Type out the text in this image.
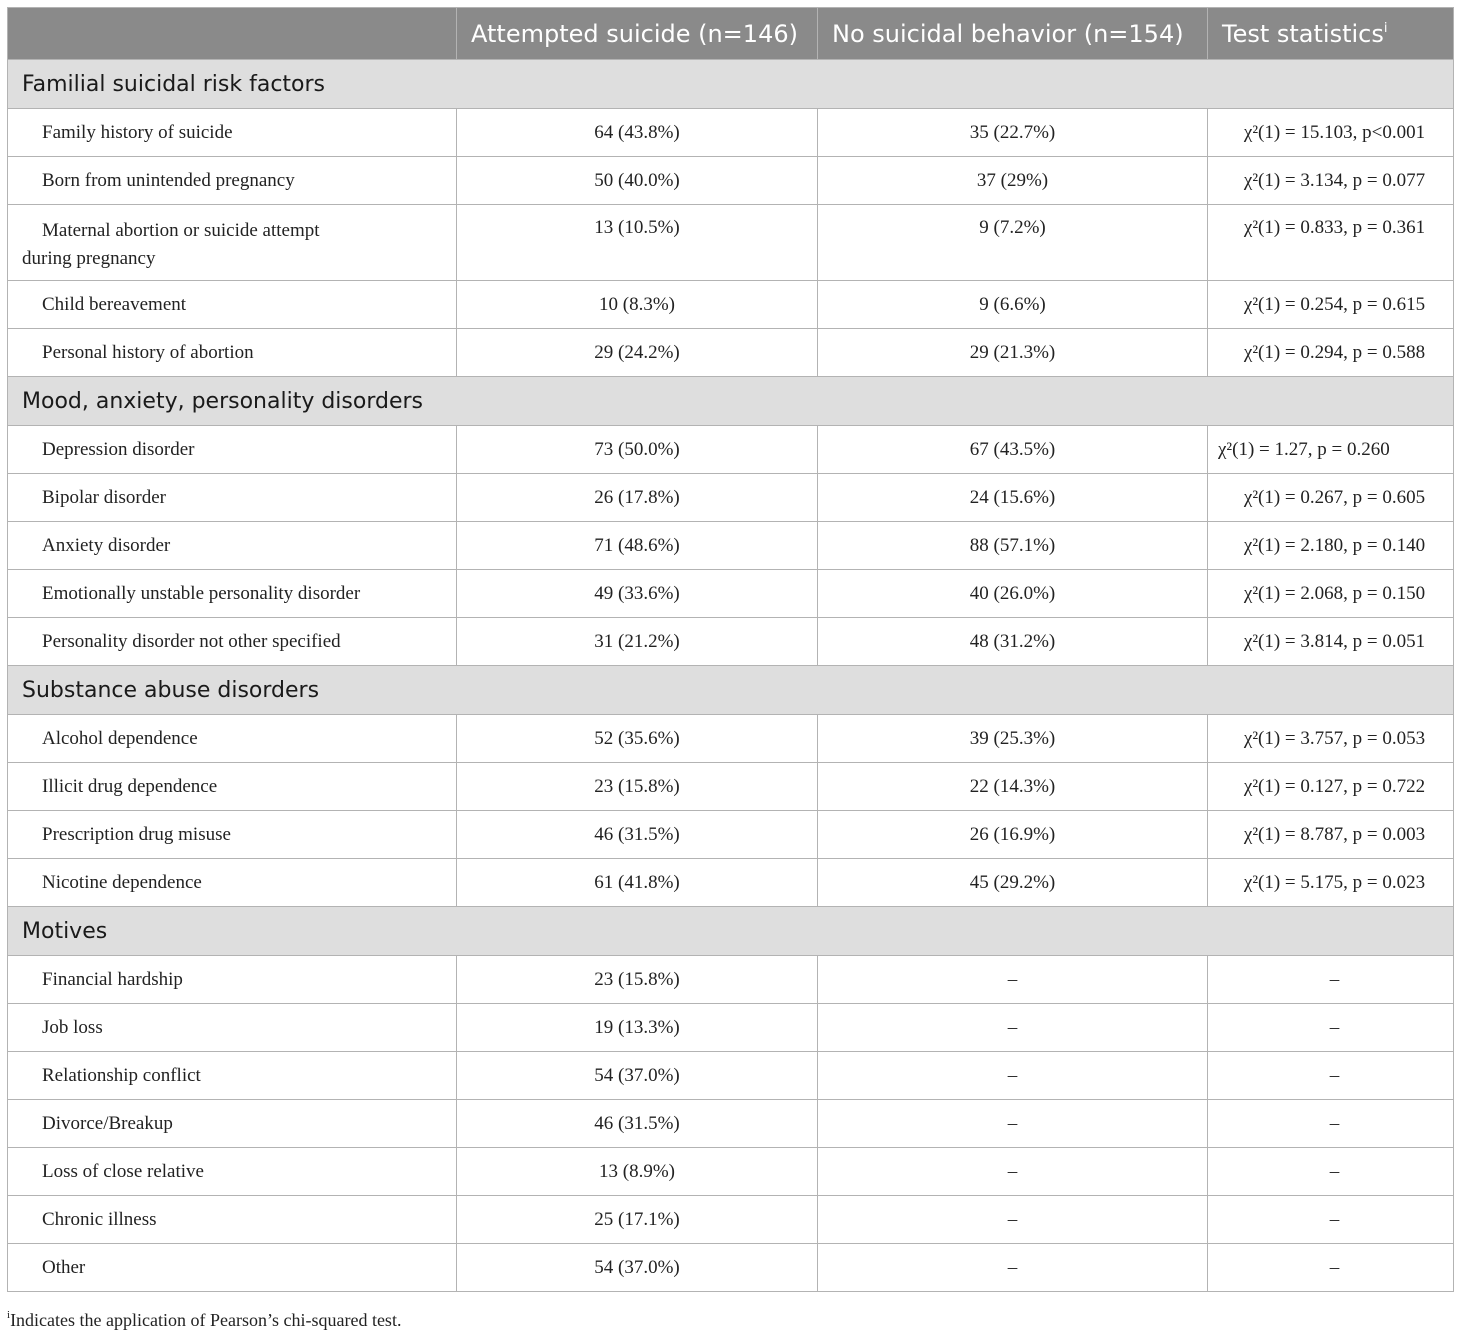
	Attempted suicide (n=146)	No suicidal behavior (n=154)	Test statistics$^i$
Familial suicidal risk factors			
Family history of suicide	64 (43.8%)	35 (22.7%)	χ²(1) = 15.103, p<0.001
Born from unintended pregnancy	50 (40.0%)	37 (29%)	χ²(1) = 3.134, p = 0.077

Maternal abortion or suicide attempt
during pregnancy	13 (10.5%)	9 (7.2%)	χ²(1) = 0.833, p = 0.361

Child bereavement	10 (8.3%)	9 (6.6%)	χ²(1) = 0.254, p = 0.615
Personal history of abortion	29 (24.2%)	29 (21.3%)	χ²(1) = 0.294, p = 0.588
Mood, anxiety, personality disorders			
Depression disorder	73 (50.0%)	67 (43.5%)	χ²(1) = 1.27, p = 0.260
Bipolar disorder	26 (17.8%)	24 (15.6%)	χ²(1) = 0.267, p = 0.605
Anxiety disorder	71 (48.6%)	88 (57.1%)	χ²(1) = 2.180, p = 0.140
Emotionally unstable personality disorder	49 (33.6%)	40 (26.0%)	χ²(1) = 2.068, p = 0.150
Personality disorder not other specified	31 (21.2%)	48 (31.2%)	χ²(1) = 3.814, p = 0.051
Substance abuse disorders			
Alcohol dependence	52 (35.6%)	39 (25.3%)	χ²(1) = 3.757, p = 0.053
Illicit drug dependence	23 (15.8%)	22 (14.3%)	χ²(1) = 0.127, p = 0.722
Prescription drug misuse	46 (31.5%)	26 (16.9%)	χ²(1) = 8.787, p = 0.003
Nicotine dependence	61 (41.8%)	45 (29.2%)	χ²(1) = 5.175, p = 0.023
Motives			
Financial hardship	23 (15.8%)	–	–
Job loss	19 (13.3%)	–	–
Relationship conflict	54 (37.0%)	–	–
Divorce/Breakup	46 (31.5%)	–	–
Loss of close relative	13 (8.9%)	–	–
Chronic illness	25 (17.1%)	–	–
Other	54 (37.0%)	–	–
$^i$Indicates the application of Pearson’s chi-squared test.
